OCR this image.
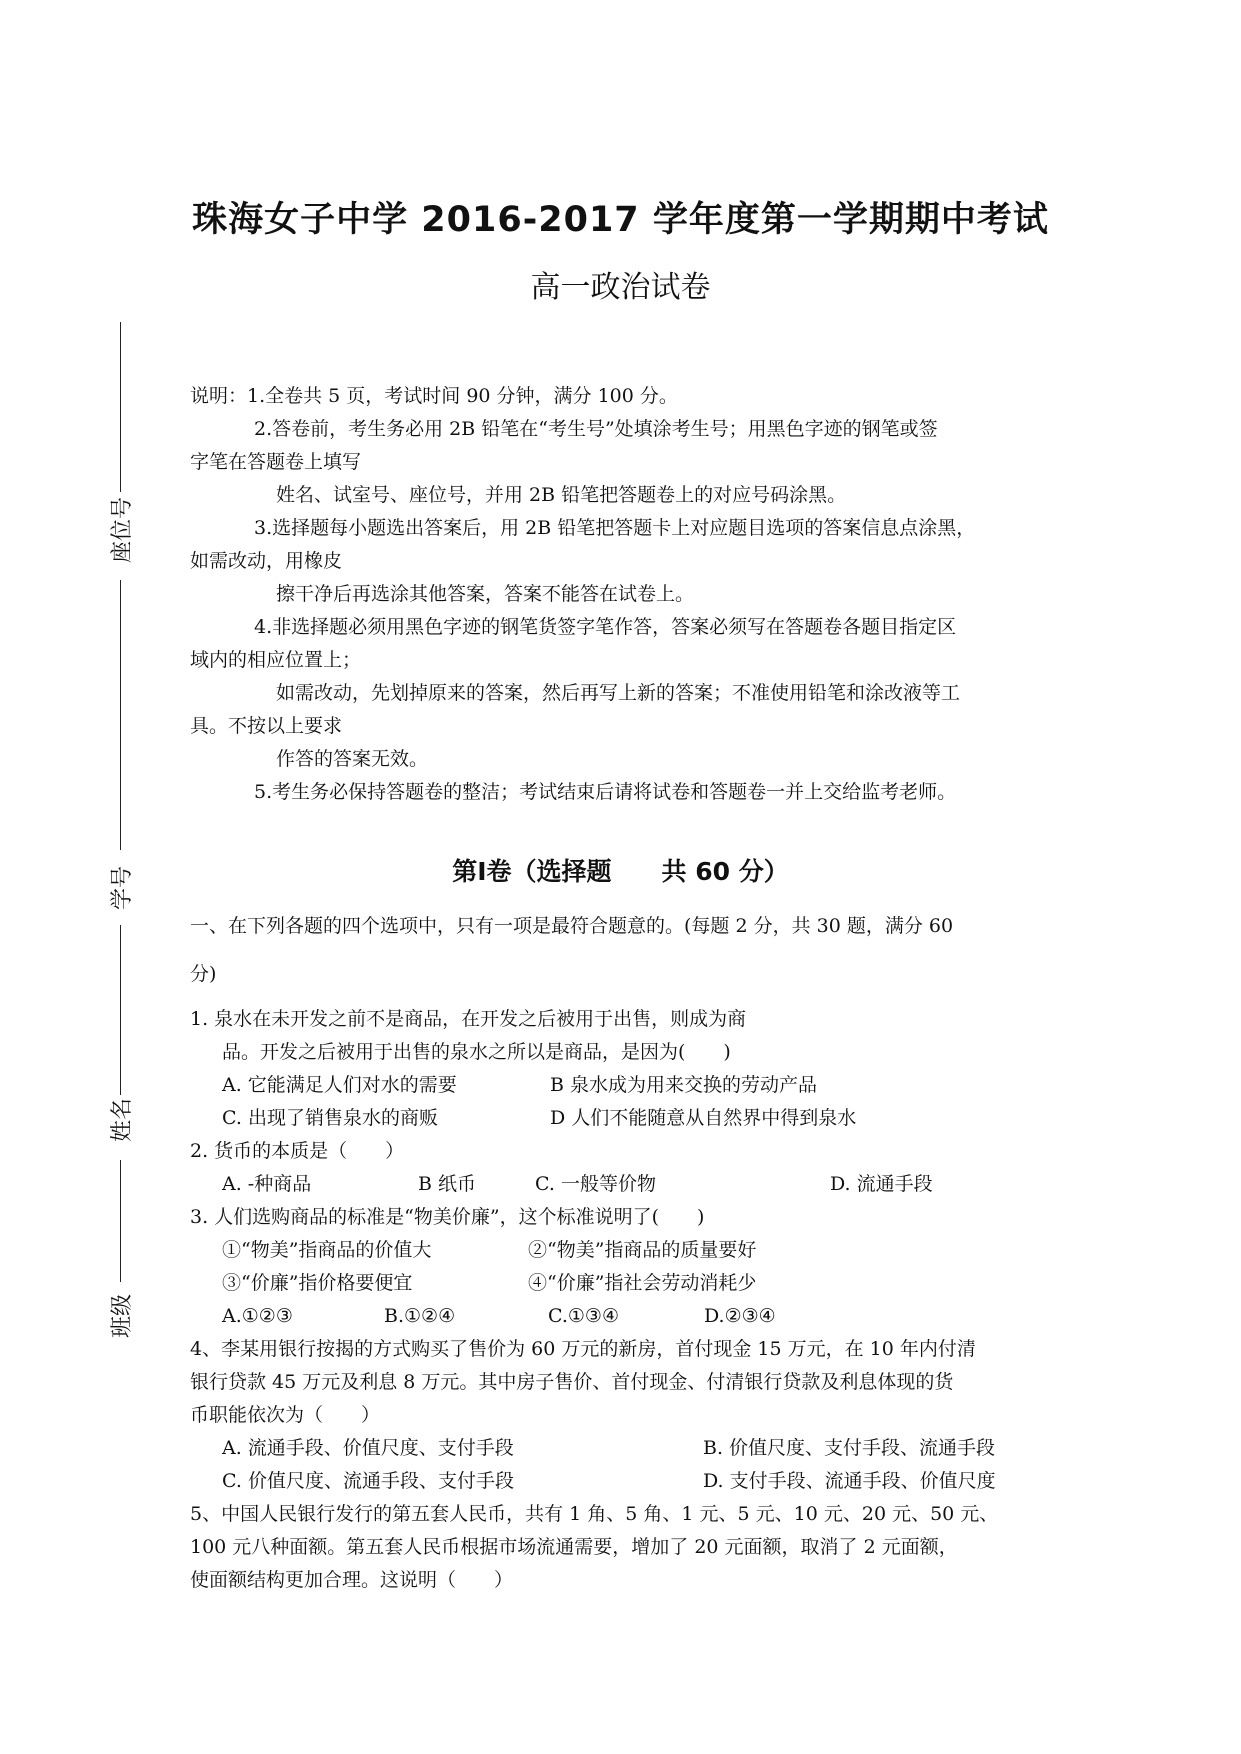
座位号
学号
姓名
班级
珠海女子中学 2016-2017 学年度第一学期期中考试
高一政治试卷
说明：1.全卷共 5 页，考试时间 90 分钟，满分 100 分。
2.答卷前，考生务必用 2B 铅笔在“考生号”处填涂考生号；用黑色字迹的钢笔或签
字笔在答题卷上填写
姓名、试室号、座位号，并用 2B 铅笔把答题卷上的对应号码涂黑。
3.选择题每小题选出答案后，用 2B 铅笔把答题卡上对应题目选项的答案信息点涂黑，
如需改动，用橡皮
擦干净后再选涂其他答案，答案不能答在试卷上。
4.非选择题必须用黑色字迹的钢笔货签字笔作答，答案必须写在答题卷各题目指定区
域内的相应位置上；
如需改动，先划掉原来的答案，然后再写上新的答案；不准使用铅笔和涂改液等工
具。不按以上要求
作答的答案无效。
5.考生务必保持答题卷的整洁；考试结束后请将试卷和答题卷一并上交给监考老师。
第Ⅰ卷（选择题　　共 60 分）
一、在下列各题的四个选项中，只有一项是最符合题意的。(每题 2 分，共 30 题，满分 60
分)
1. 泉水在未开发之前不是商品，在开发之后被用于出售，则成为商
品。开发之后被用于出售的泉水之所以是商品，是因为(　　)
A. 它能满足人们对水的需要	B 泉水成为用来交换的劳动产品
C. 出现了销售泉水的商贩	D 人们不能随意从自然界中得到泉水
2. 货币的本质是（　　）
A. -种商品	B 纸币	C. 一般等价物	D. 流通手段
3. 人们选购商品的标准是“物美价廉”，这个标准说明了(　　)
①“物美”指商品的价值大	②“物美”指商品的质量要好
③“价廉”指价格要便宜	④“价廉”指社会劳动消耗少
A.①②③	B.①②④	C.①③④	D.②③④
4、李某用银行按揭的方式购买了售价为 60 万元的新房，首付现金 15 万元，在 10 年内付清
银行贷款 45 万元及利息 8 万元。其中房子售价、首付现金、付清银行贷款及利息体现的货
币职能依次为（　　）
A. 流通手段、价值尺度、支付手段	B. 价值尺度、支付手段、流通手段
C. 价值尺度、流通手段、支付手段	D. 支付手段、流通手段、价值尺度
5、中国人民银行发行的第五套人民币，共有 1 角、5 角、1 元、5 元、10 元、20 元、50 元、
100 元八种面额。第五套人民币根据市场流通需要，增加了 20 元面额，取消了 2 元面额，
使面额结构更加合理。这说明（　　）
